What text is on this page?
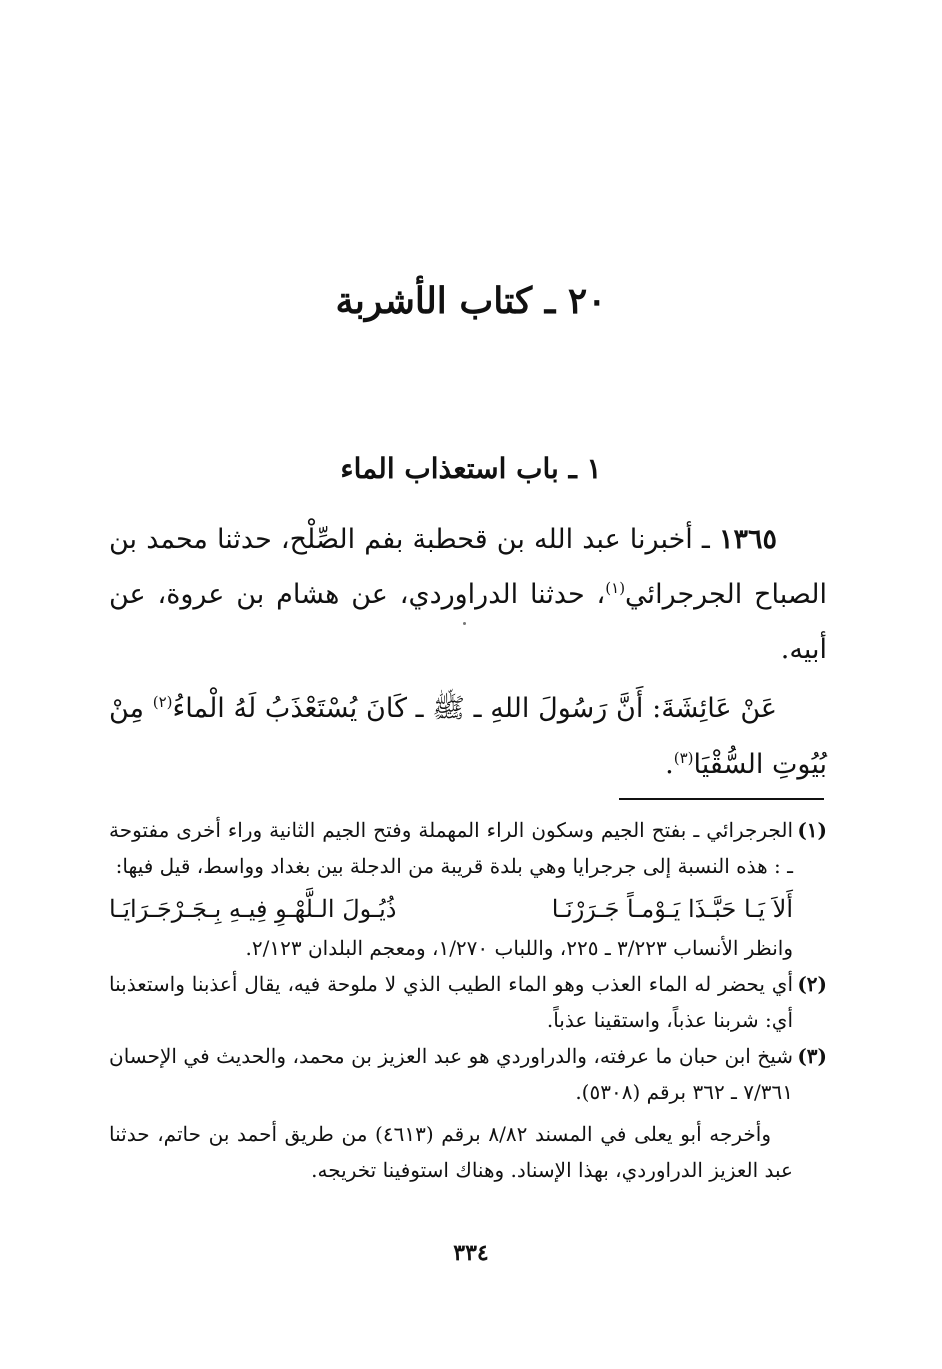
٢٠ ـ كتاب الأشربة
١ ـ باب استعذاب الماء

١٣٦٥ ـ أخبرنا عبد الله بن قحطبة بفم الصِّلْح، حدثنا محمد بن الصباح الجرجرائي$^{(١)}$، حدثنا الدراوردي، عن هشام بن عروة، عن أبيه.

عَنْ عَائِشَةَ: أَنَّ رَسُولَ اللهِ ـ ﷺ ـ كَانَ يُسْتَعْذَبُ لَهُ الْماءُ$^{(٢)}$ مِنْ بُيُوتِ السُّقْيَا$^{(٣)}$.

(١)

الجرجرائي ـ بفتح الجيم وسكون الراء المهملة وفتح الجيم الثانية وراء أخرى مفتوحة ـ : هذه النسبة إلى جرجرايا وهي بلدة قريبة من الدجلة بين بغداد وواسط، قيل فيها:

أَلاَ يَـا حَبَّـذَا يَـوْمـاً جَـرَرْنَـا
ذُيُـولَ الـلَّهْـوِ فِيـهِ بِـجَـرْجَـرَايَـا

وانظر الأنساب ٣/٢٢٣ ـ ٢٢٥، واللباب ١/٢٧٠، ومعجم البلدان ٢/١٢٣.

(٢)

أي يحضر له الماء العذب وهو الماء الطيب الذي لا ملوحة فيه، يقال أعذبنا واستعذبنا أي: شربنا عذباً، واستقينا عذباً.

(٣)

شيخ ابن حبان ما عرفته، والدراوردي هو عبد العزيز بن محمد، والحديث في الإحسان ٧/٣٦١ ـ ٣٦٢ برقم (٥٣٠٨).

وأخرجه أبو يعلى في المسند ٨/٨٢ برقم (٤٦١٣) من طريق أحمد بن حاتم، حدثنا عبد العزيز الدراوردي، بهذا الإسناد. وهناك استوفينا تخريجه.

٣٣٤
